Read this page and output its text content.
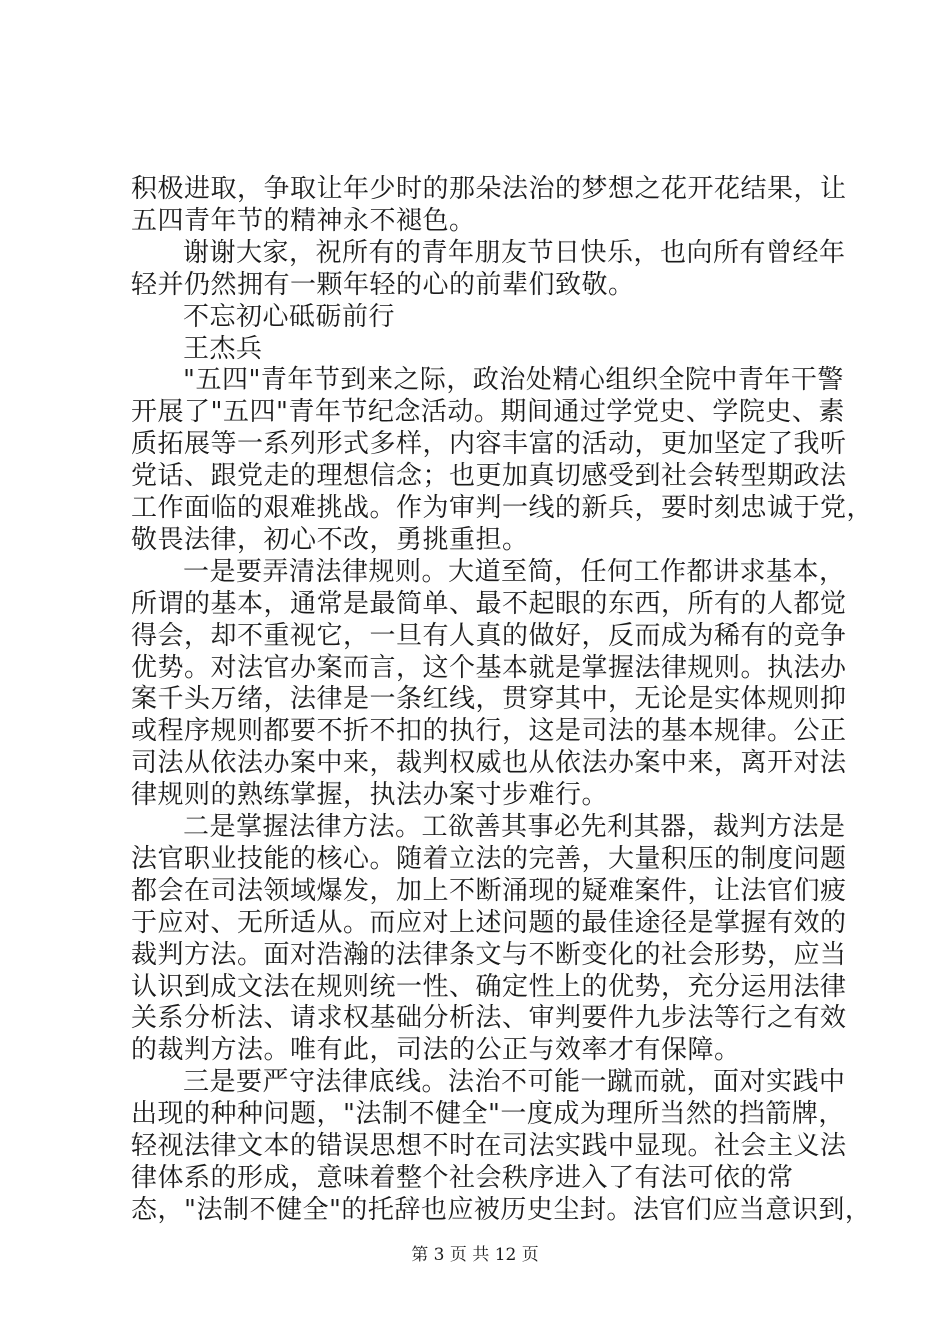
积极进取，争取让年少时的那朵法治的梦想之花开花结果，让
五四青年节的精神永不褪色。
谢谢大家，祝所有的青年朋友节日快乐，也向所有曾经年
轻并仍然拥有一颗年轻的心的前辈们致敬。
不忘初心砥砺前行
王杰兵
"五四"青年节到来之际，政治处精心组织全院中青年干警
开展了"五四"青年节纪念活动。期间通过学党史、学院史、素
质拓展等一系列形式多样，内容丰富的活动，更加坚定了我听
党话、跟党走的理想信念；也更加真切感受到社会转型期政法
工作面临的艰难挑战。作为审判一线的新兵，要时刻忠诚于党，
敬畏法律，初心不改，勇挑重担。
一是要弄清法律规则。大道至简，任何工作都讲求基本，
所谓的基本，通常是最简单、最不起眼的东西，所有的人都觉
得会，却不重视它，一旦有人真的做好，反而成为稀有的竞争
优势。对法官办案而言，这个基本就是掌握法律规则。执法办
案千头万绪，法律是一条红线，贯穿其中，无论是实体规则抑
或程序规则都要不折不扣的执行，这是司法的基本规律。公正
司法从依法办案中来，裁判权威也从依法办案中来，离开对法
律规则的熟练掌握，执法办案寸步难行。
二是掌握法律方法。工欲善其事必先利其器，裁判方法是
法官职业技能的核心。随着立法的完善，大量积压的制度问题
都会在司法领域爆发，加上不断涌现的疑难案件，让法官们疲
于应对、无所适从。而应对上述问题的最佳途径是掌握有效的
裁判方法。面对浩瀚的法律条文与不断变化的社会形势，应当
认识到成文法在规则统一性、确定性上的优势，充分运用法律
关系分析法、请求权基础分析法、审判要件九步法等行之有效
的裁判方法。唯有此，司法的公正与效率才有保障。
三是要严守法律底线。法治不可能一蹴而就，面对实践中
出现的种种问题，"法制不健全"一度成为理所当然的挡箭牌，
轻视法律文本的错误思想不时在司法实践中显现。社会主义法
律体系的形成，意味着整个社会秩序进入了有法可依的常
态，"法制不健全"的托辞也应被历史尘封。法官们应当意识到，
第 3 页 共 12 页
